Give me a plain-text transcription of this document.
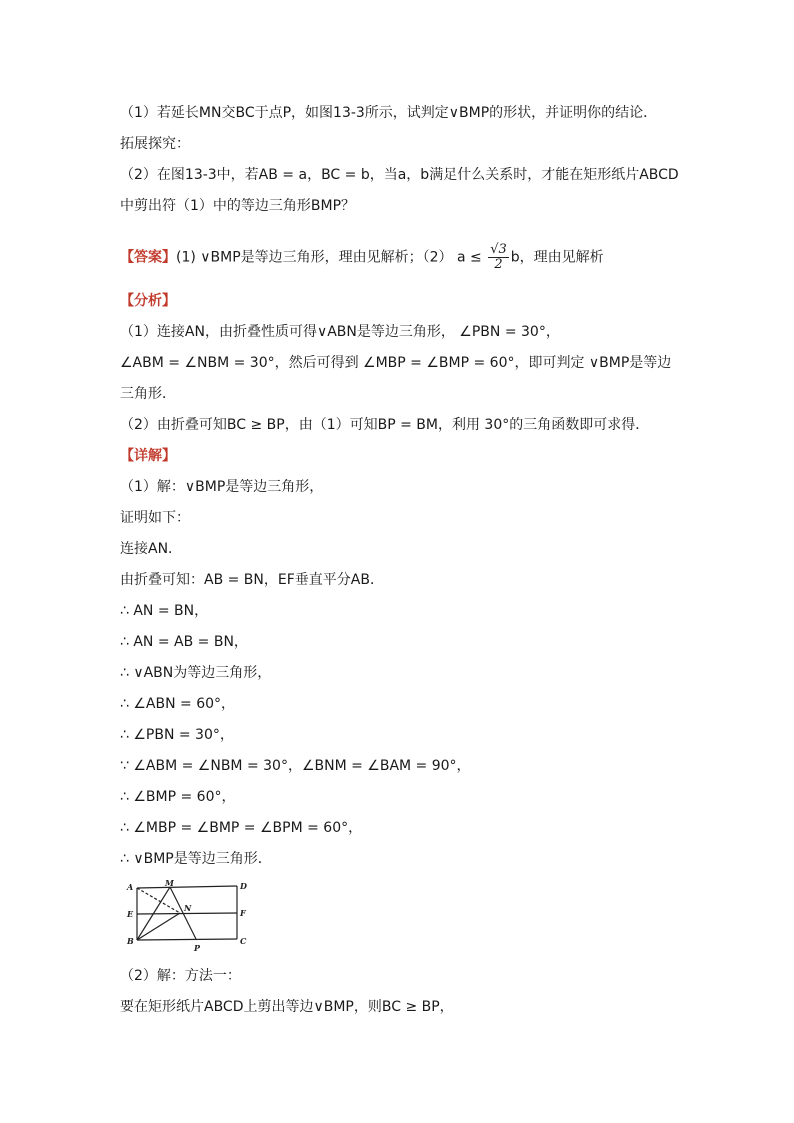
（1）若延长MN交BC于点P，如图13-3所示，试判定∨BMP的形状，并证明你的结论．
拓展探究：
（2）在图13-3中，若AB = a，BC = b，当a，b满足什么关系时，才能在矩形纸片ABCD
中剪出符（1）中的等边三角形BMP？
【答案】(1) ∨BMP是等边三角形，理由见解析；（2） $a \le \frac{√3}{2}$ b，理由见解析
【分析】
（1）连接AN，由折叠性质可得∨ABN是等边三角形， ∠PBN = 30°，
∠ABM = ∠NBM = 30°，然后可得到 ∠MBP = ∠BMP = 60°，即可判定 ∨BMP是等边
三角形．
（2）由折叠可知BC ≥ BP，由（1）可知BP = BM，利用 30°的三角函数即可求得．
【详解】
（1）解：∨BMP是等边三角形，
证明如下：
连接AN．
由折叠可知：AB = BN，EF垂直平分AB．
∴ AN = BN，
∴ AN = AB = BN，
∴ ∨ABN为等边三角形，
∴ ∠ABN = 60°，
∴ ∠PBN = 30°，
∵ ∠ABM = ∠NBM = 30°，∠BNM = ∠BAM = 90°，
∴ ∠BMP = 60°，
∴ ∠MBP = ∠BMP = ∠BPM = 60°，
∴ ∨BMP是等边三角形．
A	M	D
E
N	F
B
P
C
（2）解：方法一：
要在矩形纸片ABCD上剪出等边∨BMP，则BC ≥ BP，
